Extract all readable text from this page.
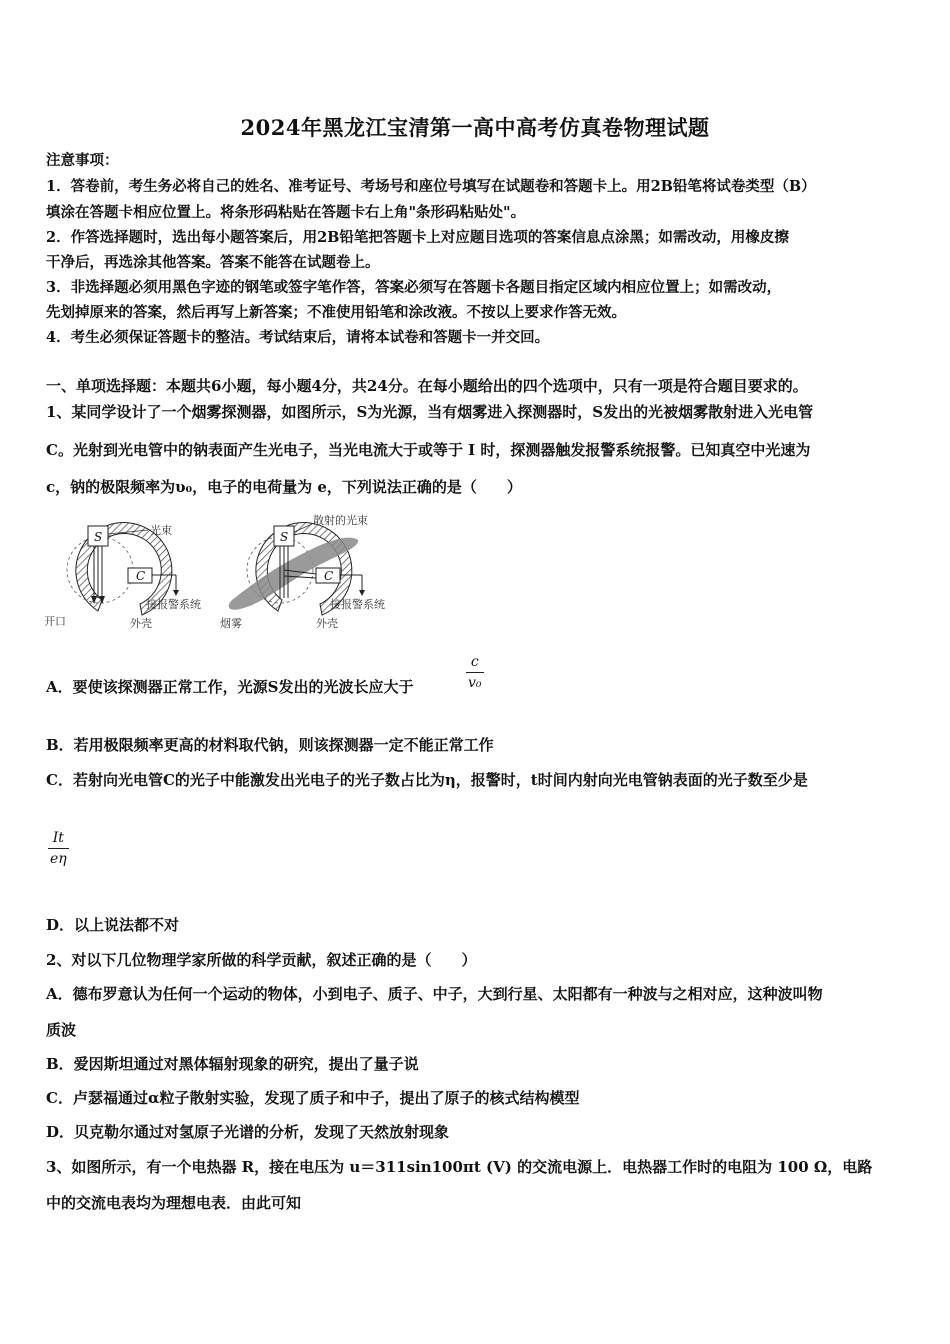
2024年黑龙江宝清第一高中高考仿真卷物理试题
注意事项：
1．答卷前，考生务必将自己的姓名、准考证号、考场号和座位号填写在试题卷和答题卡上。用2B铅笔将试卷类型（B）
填涂在答题卡相应位置上。将条形码粘贴在答题卡右上角"条形码粘贴处"。
2．作答选择题时，选出每小题答案后，用2B铅笔把答题卡上对应题目选项的答案信息点涂黑；如需改动，用橡皮擦
干净后，再选涂其他答案。答案不能答在试题卷上。
3．非选择题必须用黑色字迹的钢笔或签字笔作答，答案必须写在答题卡各题目指定区域内相应位置上；如需改动，
先划掉原来的答案，然后再写上新答案；不准使用铅笔和涂改液。不按以上要求作答无效。
4．考生必须保证答题卡的整洁。考试结束后，请将本试卷和答题卡一并交回。
一、单项选择题：本题共6小题，每小题4分，共24分。在每小题给出的四个选项中，只有一项是符合题目要求的。
1、某同学设计了一个烟雾探测器，如图所示，S为光源，当有烟雾进入探测器时，S发出的光被烟雾散射进入光电管
C。光射到光电管中的钠表面产生光电子，当光电流大于或等于 I 时，探测器触发报警系统报警。已知真空中光速为
c，钠的极限频率为υ₀，电子的电荷量为 e，下列说法正确的是（　　）
S
C
光束
接报警系统
开口	外壳
S
C
散射的光束
接报警系统
烟雾	外壳
A．要使该探测器正常工作，光源S发出的光波长应大于
c
v₀
B．若用极限频率更高的材料取代钠，则该探测器一定不能正常工作
C．若射向光电管C的光子中能激发出光电子的光子数占比为η，报警时，t时间内射向光电管钠表面的光子数至少是
It
eη
D．以上说法都不对
2、对以下几位物理学家所做的科学贡献，叙述正确的是（　　）
A．德布罗意认为任何一个运动的物体，小到电子、质子、中子，大到行星、太阳都有一种波与之相对应，这种波叫物
质波
B．爱因斯坦通过对黑体辐射现象的研究，提出了量子说
C．卢瑟福通过α粒子散射实验，发现了质子和中子，提出了原子的核式结构模型
D．贝克勒尔通过对氢原子光谱的分析，发现了天然放射现象
3、如图所示，有一个电热器 R，接在电压为 u＝311sin100πt (V) 的交流电源上．电热器工作时的电阻为 100 Ω，电路
中的交流电表均为理想电表．由此可知
